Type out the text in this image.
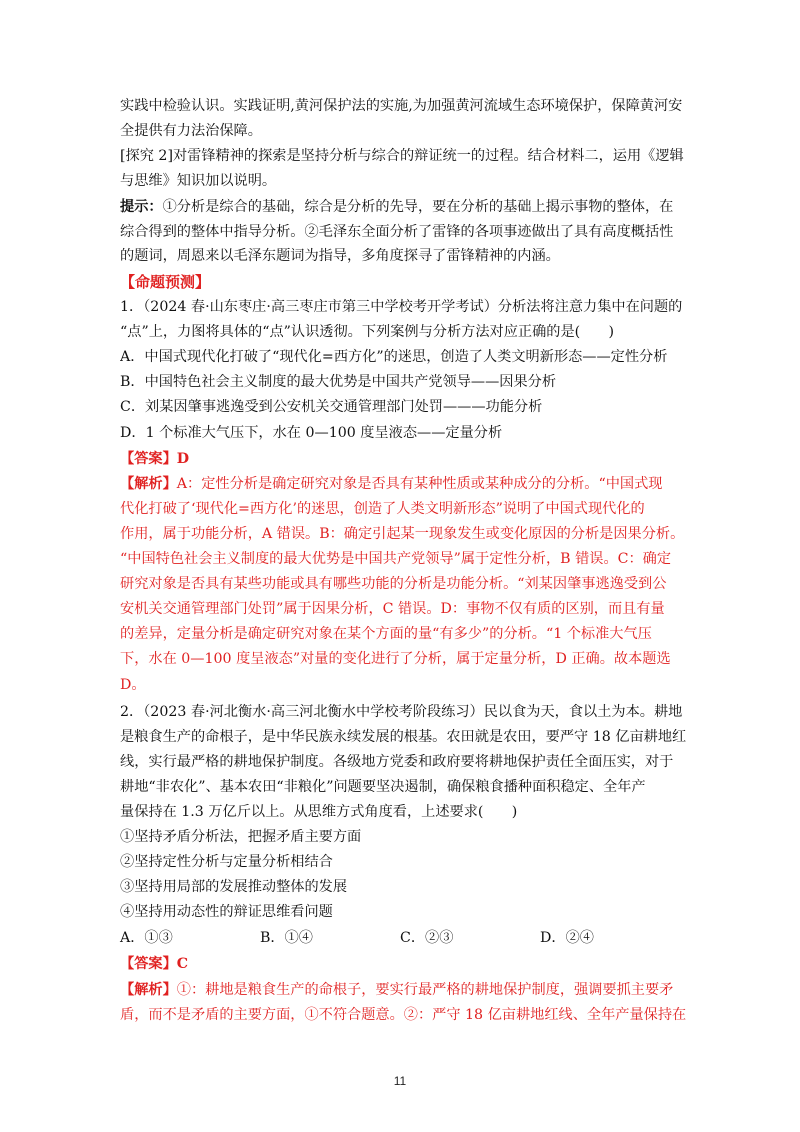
实践中检验认识。实践证明,黄河保护法的实施,为加强黄河流域生态环境保护，保障黄河安
全提供有力法治保障。
[探究 2]对雷锋精神的探索是坚持分析与综合的辩证统一的过程。结合材料二，运用《逻辑
与思维》知识加以说明。
提示：①分析是综合的基础，综合是分析的先导，要在分析的基础上揭示事物的整体，在
综合得到的整体中指导分析。②毛泽东全面分析了雷锋的各项事迹做出了具有高度概括性
的题词，周恩来以毛泽东题词为指导，多角度探寻了雷锋精神的内涵。
【命题预测】
1．（2024 春·山东枣庄·高三枣庄市第三中学校考开学考试）分析法将注意力集中在问题的
“点”上，力图将具体的“点”认识透彻。下列案例与分析方法对应正确的是(　　)
A．中国式现代化打破了“现代化=西方化”的迷思，创造了人类文明新形态——定性分析
B．中国特色社会主义制度的最大优势是中国共产党领导——因果分析
C．刘某因肇事逃逸受到公安机关交通管理部门处罚———功能分析
D．1 个标准大气压下，水在 0—100 度呈液态——定量分析
【答案】D
【解析】A：定性分析是确定研究对象是否具有某种性质或某种成分的分析。“中国式现
代化打破了‘现代化=西方化’的迷思，创造了人类文明新形态”说明了中国式现代化的
作用，属于功能分析，A 错误。B：确定引起某一现象发生或变化原因的分析是因果分析。
“中国特色社会主义制度的最大优势是中国共产党领导”属于定性分析，B 错误。C：确定
研究对象是否具有某些功能或具有哪些功能的分析是功能分析。“刘某因肇事逃逸受到公
安机关交通管理部门处罚”属于因果分析，C 错误。D：事物不仅有质的区别，而且有量
的差异，定量分析是确定研究对象在某个方面的量“有多少”的分析。“1 个标准大气压
下，水在 0—100 度呈液态”对量的变化进行了分析，属于定量分析，D 正确。故本题选
D。
2．（2023 春·河北衡水·高三河北衡水中学校考阶段练习）民以食为天，食以土为本。耕地
是粮食生产的命根子，是中华民族永续发展的根基。农田就是农田，要严守 18 亿亩耕地红
线，实行最严格的耕地保护制度。各级地方党委和政府要将耕地保护责任全面压实，对于
耕地“非农化”、基本农田“非粮化”问题要坚决遏制，确保粮食播种面积稳定、全年产
量保持在 1.3 万亿斤以上。从思维方式角度看，上述要求(　　)
①坚持矛盾分析法，把握矛盾主要方面
②坚持定性分析与定量分析相结合
③坚持用局部的发展推动整体的发展
④坚持用动态性的辩证思维看问题
A．①③	B．①④	C．②③	D．②④
【答案】C
【解析】①：耕地是粮食生产的命根子，要实行最严格的耕地保护制度，强调要抓主要矛
盾，而不是矛盾的主要方面，①不符合题意。②：严守 18 亿亩耕地红线、全年产量保持在
11
